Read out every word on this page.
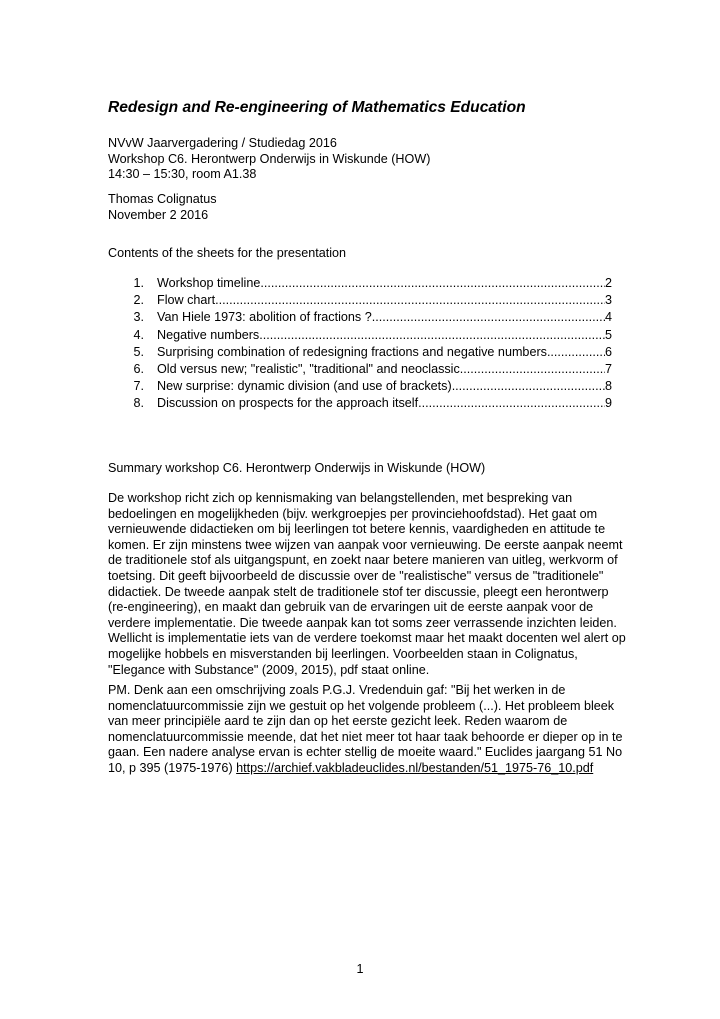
Redesign and Re-engineering of Mathematics Education
NVvW Jaarvergadering / Studiedag 2016
Workshop C6. Herontwerp Onderwijs in Wiskunde (HOW)
14:30 – 15:30, room A1.38
Thomas Colignatus
November 2 2016
Contents of the sheets for the presentation
1.	Workshop timeline .....	2
2.	Flow chart .....	3
3.	Van Hiele 1973: abolition of fractions ? .....	4
4.	Negative numbers .....	5
5.	Surprising combination of redesigning fractions and negative numbers .....	6
6.	Old versus new; "realistic", "traditional" and neoclassic .....	7
7.	New surprise: dynamic division (and use of brackets) .....	8
8.	Discussion on prospects for the approach itself .....	9
Summary workshop C6. Herontwerp Onderwijs in Wiskunde (HOW)
De workshop richt zich op kennismaking van belangstellenden, met bespreking van
bedoelingen en mogelijkheden (bijv. werkgroepjes per provinciehoofdstad). Het gaat om
vernieuwende didactieken om bij leerlingen tot betere kennis, vaardigheden en attitude te
komen. Er zijn minstens twee wijzen van aanpak voor vernieuwing. De eerste aanpak neemt
de traditionele stof als uitgangspunt, en zoekt naar betere manieren van uitleg, werkvorm of
toetsing. Dit geeft bijvoorbeeld de discussie over de "realistische" versus de "traditionele"
didactiek. De tweede aanpak stelt de traditionele stof ter discussie, pleegt een herontwerp
(re-engineering), en maakt dan gebruik van de ervaringen uit de eerste aanpak voor de
verdere implementatie. Die tweede aanpak kan tot soms zeer verrassende inzichten leiden.
Wellicht is implementatie iets van de verdere toekomst maar het maakt docenten wel alert op
mogelijke hobbels en misverstanden bij leerlingen. Voorbeelden staan in Colignatus,
"Elegance with Substance" (2009, 2015), pdf staat online.
PM. Denk aan een omschrijving zoals P.G.J. Vredenduin gaf: "Bij het werken in de
nomenclatuurcommissie zijn we gestuit op het volgende probleem (...). Het probleem bleek
van meer principiële aard te zijn dan op het eerste gezicht leek. Reden waarom de
nomenclatuurcommissie meende, dat het niet meer tot haar taak behoorde er dieper op in te
gaan. Een nadere analyse ervan is echter stellig de moeite waard." Euclides jaargang 51 No
10, p 395 (1975-1976) https://archief.vakbladeuclides.nl/bestanden/51_1975-76_10.pdf
1
